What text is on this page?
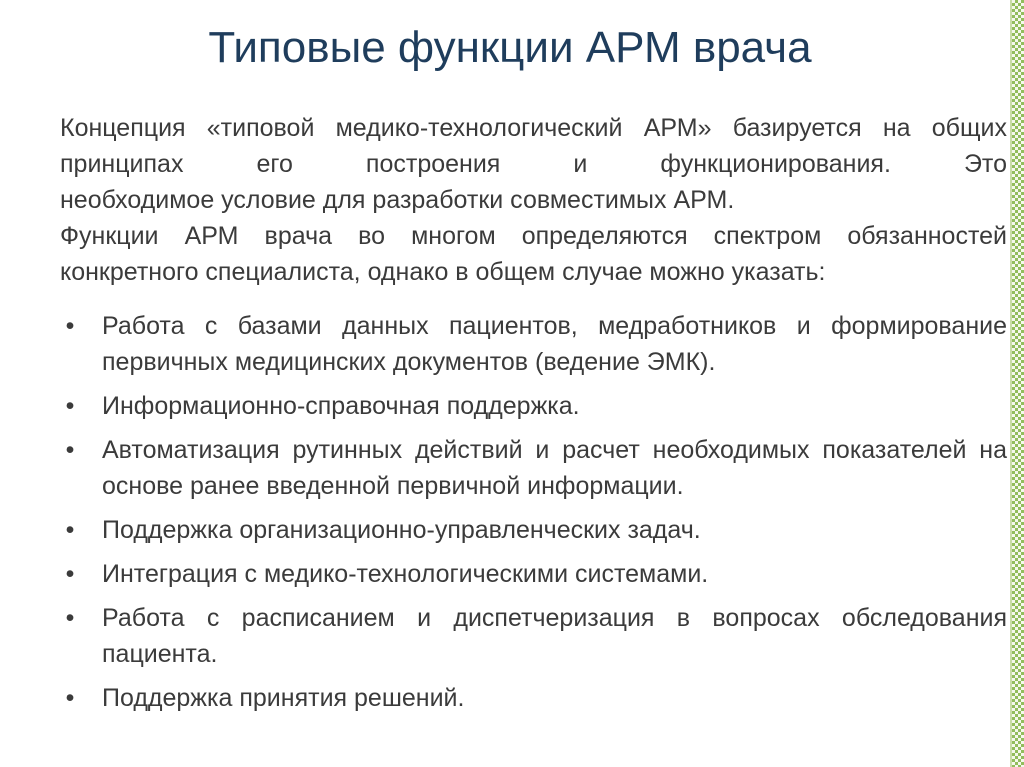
Типовые функции АРМ врача

Концепция «типовой медико-технологический АРМ» базируется на общих принципах его построения и функционирования. Это
необходимое условие для разработки совместимых АРМ.

Функции АРМ врача во многом определяются спектром обязанностей
конкретного специалиста, однако в общем случае можно указать:

• Работа с базами данных пациентов, медработников и формирование первичных медицинских документов (ведение ЭМК).
• Информационно-справочная поддержка.
• Автоматизация рутинных действий и расчет необходимых показателей на основе ранее введенной первичной информации.
• Поддержка организационно-управленческих задач.
• Интеграция с медико-технологическими системами.
• Работа с расписанием и диспетчеризация в вопросах обследования пациента.
• Поддержка принятия решений.
